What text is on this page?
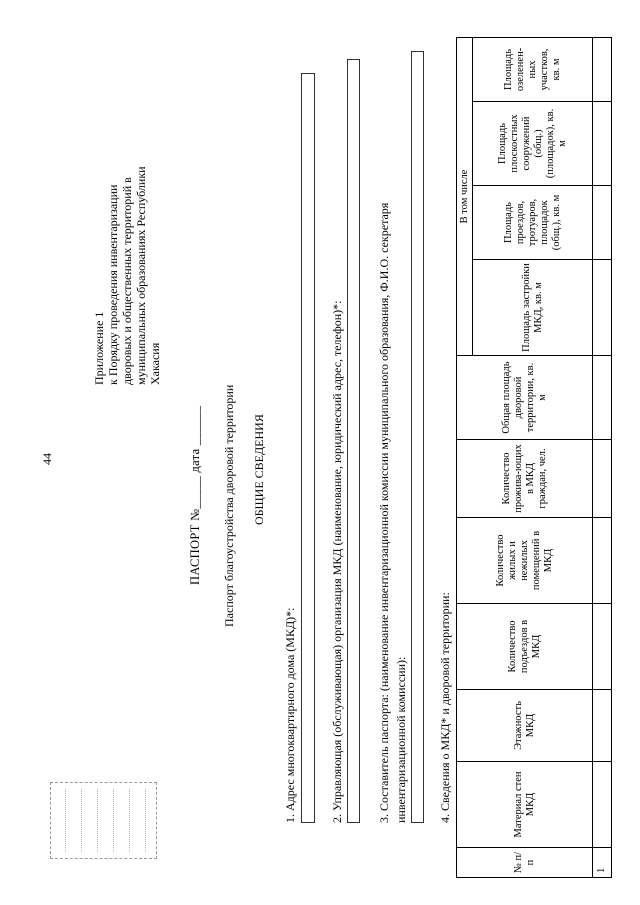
44
Приложение 1 к Порядку проведения инвентаризации дворовых и общественных территорий в муниципальных образованиях Республики Хакасия
ПАСПОРТ №_____ дата ______ Паспорт благоустройства дворовой территории ОБЩИЕ СВЕДЕНИЯ
1. Адрес многоквартирного дома (МКД)*:	2. Управляющая (обслуживающая) организация МКД (наименование, юридический адрес, телефон)*:	3. Составитель паспорта: (наименование инвентаризационной комиссии муниципального образования, Ф.И.О. секретаря инвентаризационной комиссии):	4. Сведения о МКД* и дворовой территории:
№ п/п	Материал стен МКД	Этажность МКД	Количество подъездов в МКД	Количество жилых и нежилых помещений в МКД	Количество прожива-ющих в МКД граждан, чел.	Общая площадь дворовой территории, кв. м	В том числе			
							Площадь застройки МКД, кв. м	Площадь проездов, тротуаров, площадок (общ.), кв. м	Площадь плоскостных сооружений (общ.) (площадок), кв. м	Площадь озеленен-ных участков, кв. м
1										
